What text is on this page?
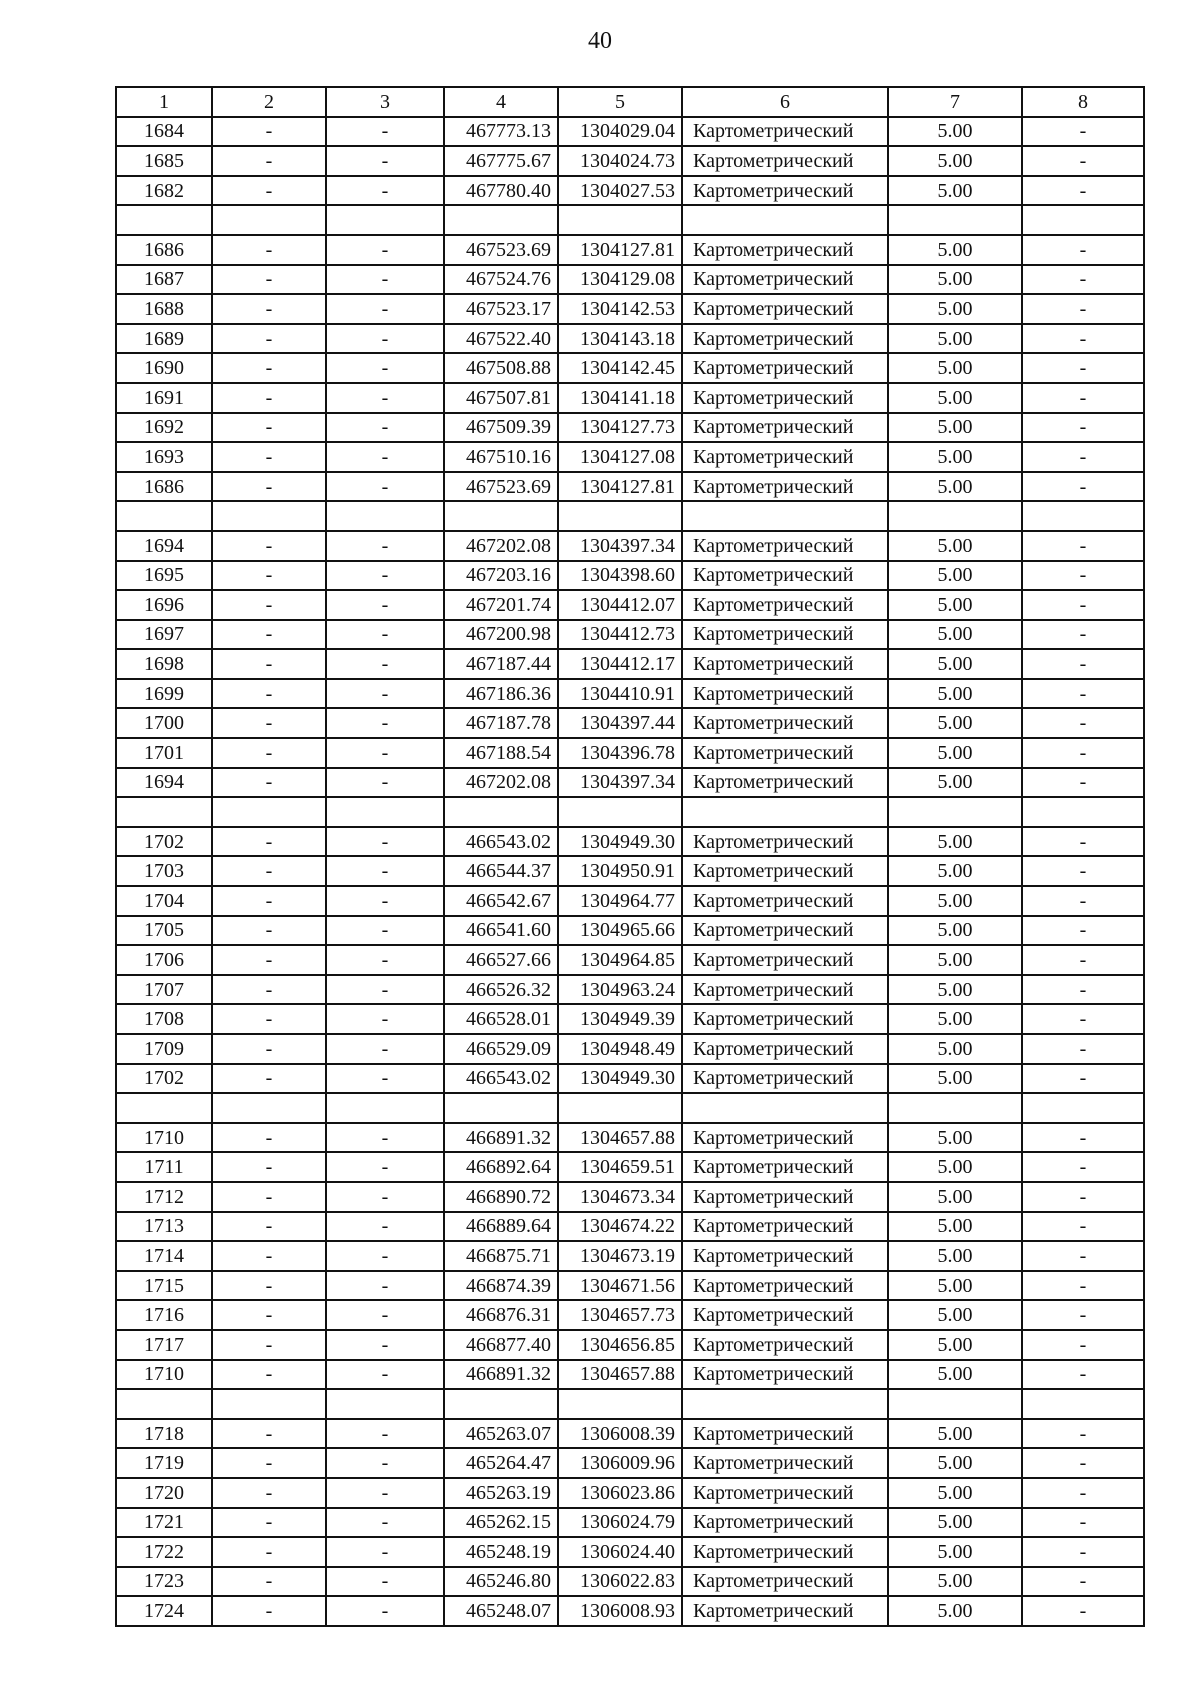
40
1	2	3	4	5	6	7	8
1684	-	-	467773.13	1304029.04	Картометрический	5.00	-
1685	-	-	467775.67	1304024.73	Картометрический	5.00	-
1682	-	-	467780.40	1304027.53	Картометрический	5.00	-

1686	-	-	467523.69	1304127.81	Картометрический	5.00	-
1687	-	-	467524.76	1304129.08	Картометрический	5.00	-
1688	-	-	467523.17	1304142.53	Картометрический	5.00	-
1689	-	-	467522.40	1304143.18	Картометрический	5.00	-
1690	-	-	467508.88	1304142.45	Картометрический	5.00	-
1691	-	-	467507.81	1304141.18	Картометрический	5.00	-
1692	-	-	467509.39	1304127.73	Картометрический	5.00	-
1693	-	-	467510.16	1304127.08	Картометрический	5.00	-
1686	-	-	467523.69	1304127.81	Картометрический	5.00	-

1694	-	-	467202.08	1304397.34	Картометрический	5.00	-
1695	-	-	467203.16	1304398.60	Картометрический	5.00	-
1696	-	-	467201.74	1304412.07	Картометрический	5.00	-
1697	-	-	467200.98	1304412.73	Картометрический	5.00	-
1698	-	-	467187.44	1304412.17	Картометрический	5.00	-
1699	-	-	467186.36	1304410.91	Картометрический	5.00	-
1700	-	-	467187.78	1304397.44	Картометрический	5.00	-
1701	-	-	467188.54	1304396.78	Картометрический	5.00	-
1694	-	-	467202.08	1304397.34	Картометрический	5.00	-

1702	-	-	466543.02	1304949.30	Картометрический	5.00	-
1703	-	-	466544.37	1304950.91	Картометрический	5.00	-
1704	-	-	466542.67	1304964.77	Картометрический	5.00	-
1705	-	-	466541.60	1304965.66	Картометрический	5.00	-
1706	-	-	466527.66	1304964.85	Картометрический	5.00	-
1707	-	-	466526.32	1304963.24	Картометрический	5.00	-
1708	-	-	466528.01	1304949.39	Картометрический	5.00	-
1709	-	-	466529.09	1304948.49	Картометрический	5.00	-
1702	-	-	466543.02	1304949.30	Картометрический	5.00	-

1710	-	-	466891.32	1304657.88	Картометрический	5.00	-
1711	-	-	466892.64	1304659.51	Картометрический	5.00	-
1712	-	-	466890.72	1304673.34	Картометрический	5.00	-
1713	-	-	466889.64	1304674.22	Картометрический	5.00	-
1714	-	-	466875.71	1304673.19	Картометрический	5.00	-
1715	-	-	466874.39	1304671.56	Картометрический	5.00	-
1716	-	-	466876.31	1304657.73	Картометрический	5.00	-
1717	-	-	466877.40	1304656.85	Картометрический	5.00	-
1710	-	-	466891.32	1304657.88	Картометрический	5.00	-

1718	-	-	465263.07	1306008.39	Картометрический	5.00	-
1719	-	-	465264.47	1306009.96	Картометрический	5.00	-
1720	-	-	465263.19	1306023.86	Картометрический	5.00	-
1721	-	-	465262.15	1306024.79	Картометрический	5.00	-
1722	-	-	465248.19	1306024.40	Картометрический	5.00	-
1723	-	-	465246.80	1306022.83	Картометрический	5.00	-
1724	-	-	465248.07	1306008.93	Картометрический	5.00	-
